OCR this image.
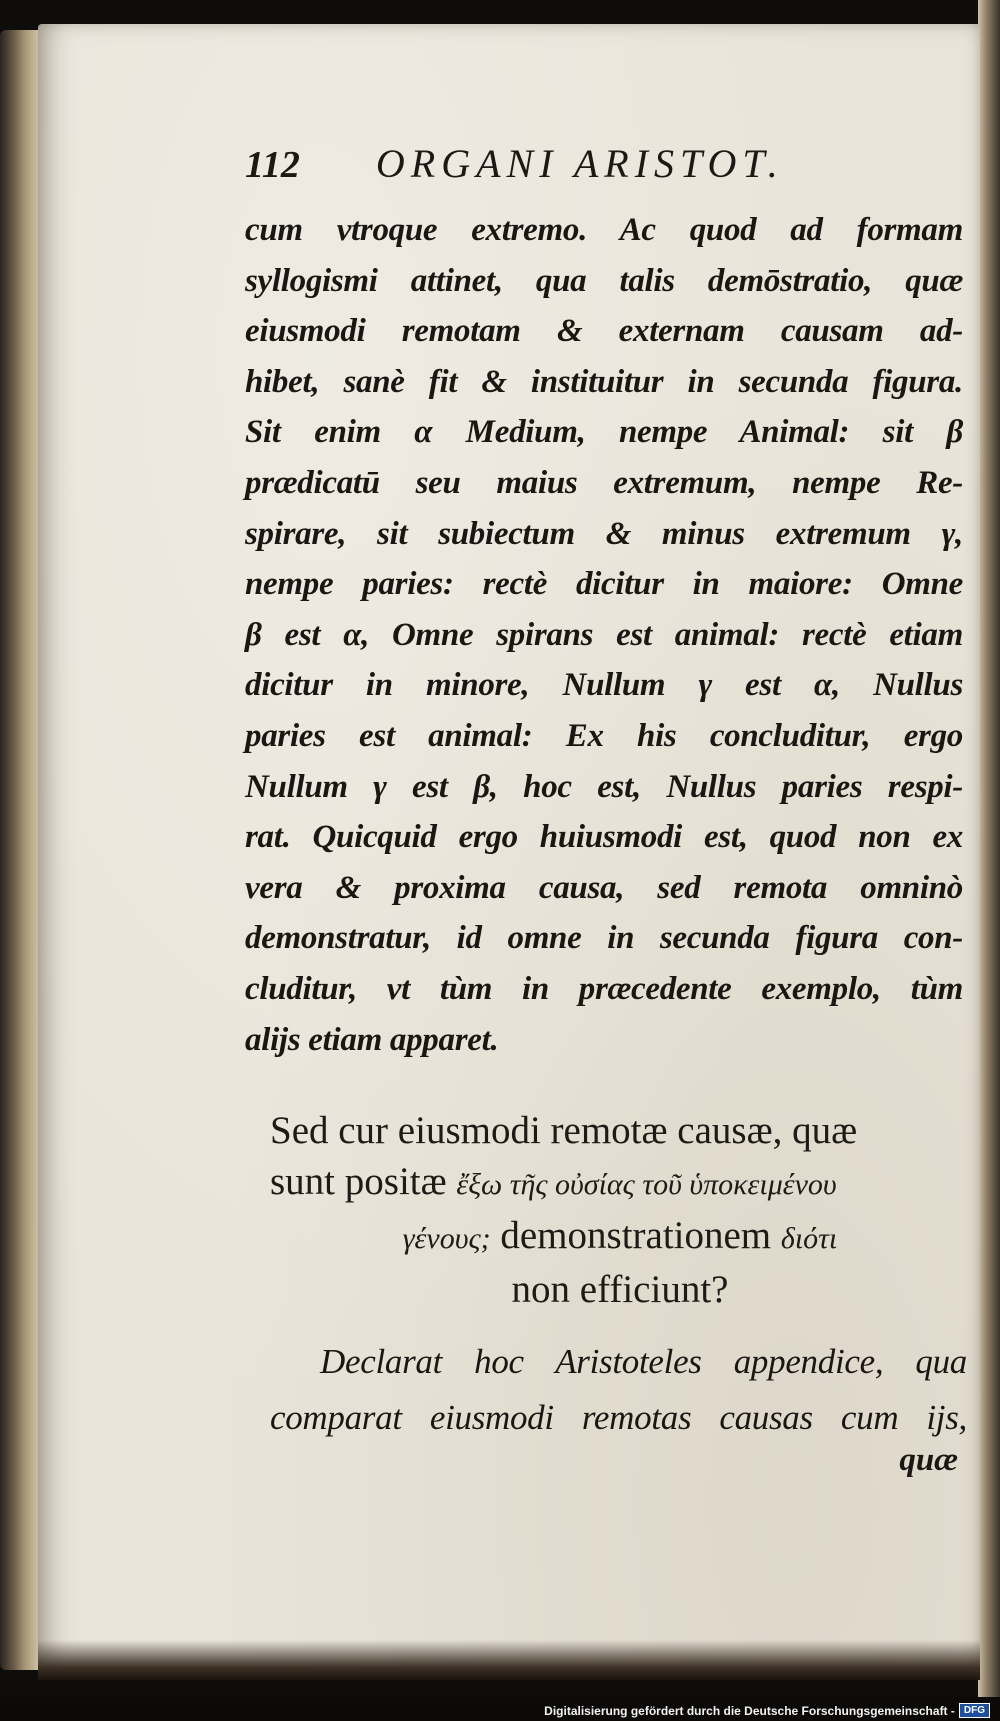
112 ORGANI ARISTOT.
cum vtroque extremo. Ac quod ad formam
syllogismi attinet, qua talis demōstratio, quæ
eiusmodi remotam & externam causam ad-
hibet, sanè fit & instituitur in secunda figura.
Sit enim α Medium, nempe Animal: sit β
prædicatū seu maius extremum, nempe Re-
spirare, sit subiectum & minus extremum γ,
nempe paries: rectè dicitur in maiore: Omne
β est α, Omne spirans est animal: rectè etiam
dicitur in minore, Nullum γ est α, Nullus
paries est animal: Ex his concluditur, ergo
Nullum γ est β, hoc est, Nullus paries respi-
rat. Quicquid ergo huiusmodi est, quod non ex
vera & proxima causa, sed remota omninò
demonstratur, id omne in secunda figura con-
cluditur, vt tùm in præcedente exemplo, tùm
alijs etiam apparet.
Sed cur eiusmodi remotæ causæ, quæ
sunt positæ ἔξω τῆς οὐσίας τοῦ ὑποκειμένου
γένους; demonstrationem διότι
non efficiunt?
Declarat hoc Aristoteles appendice, qua
comparat eiusmodi remotas causas cum ijs,
quæ
Digitalisierung gefördert durch die Deutsche Forschungsgemeinschaft - DFG
